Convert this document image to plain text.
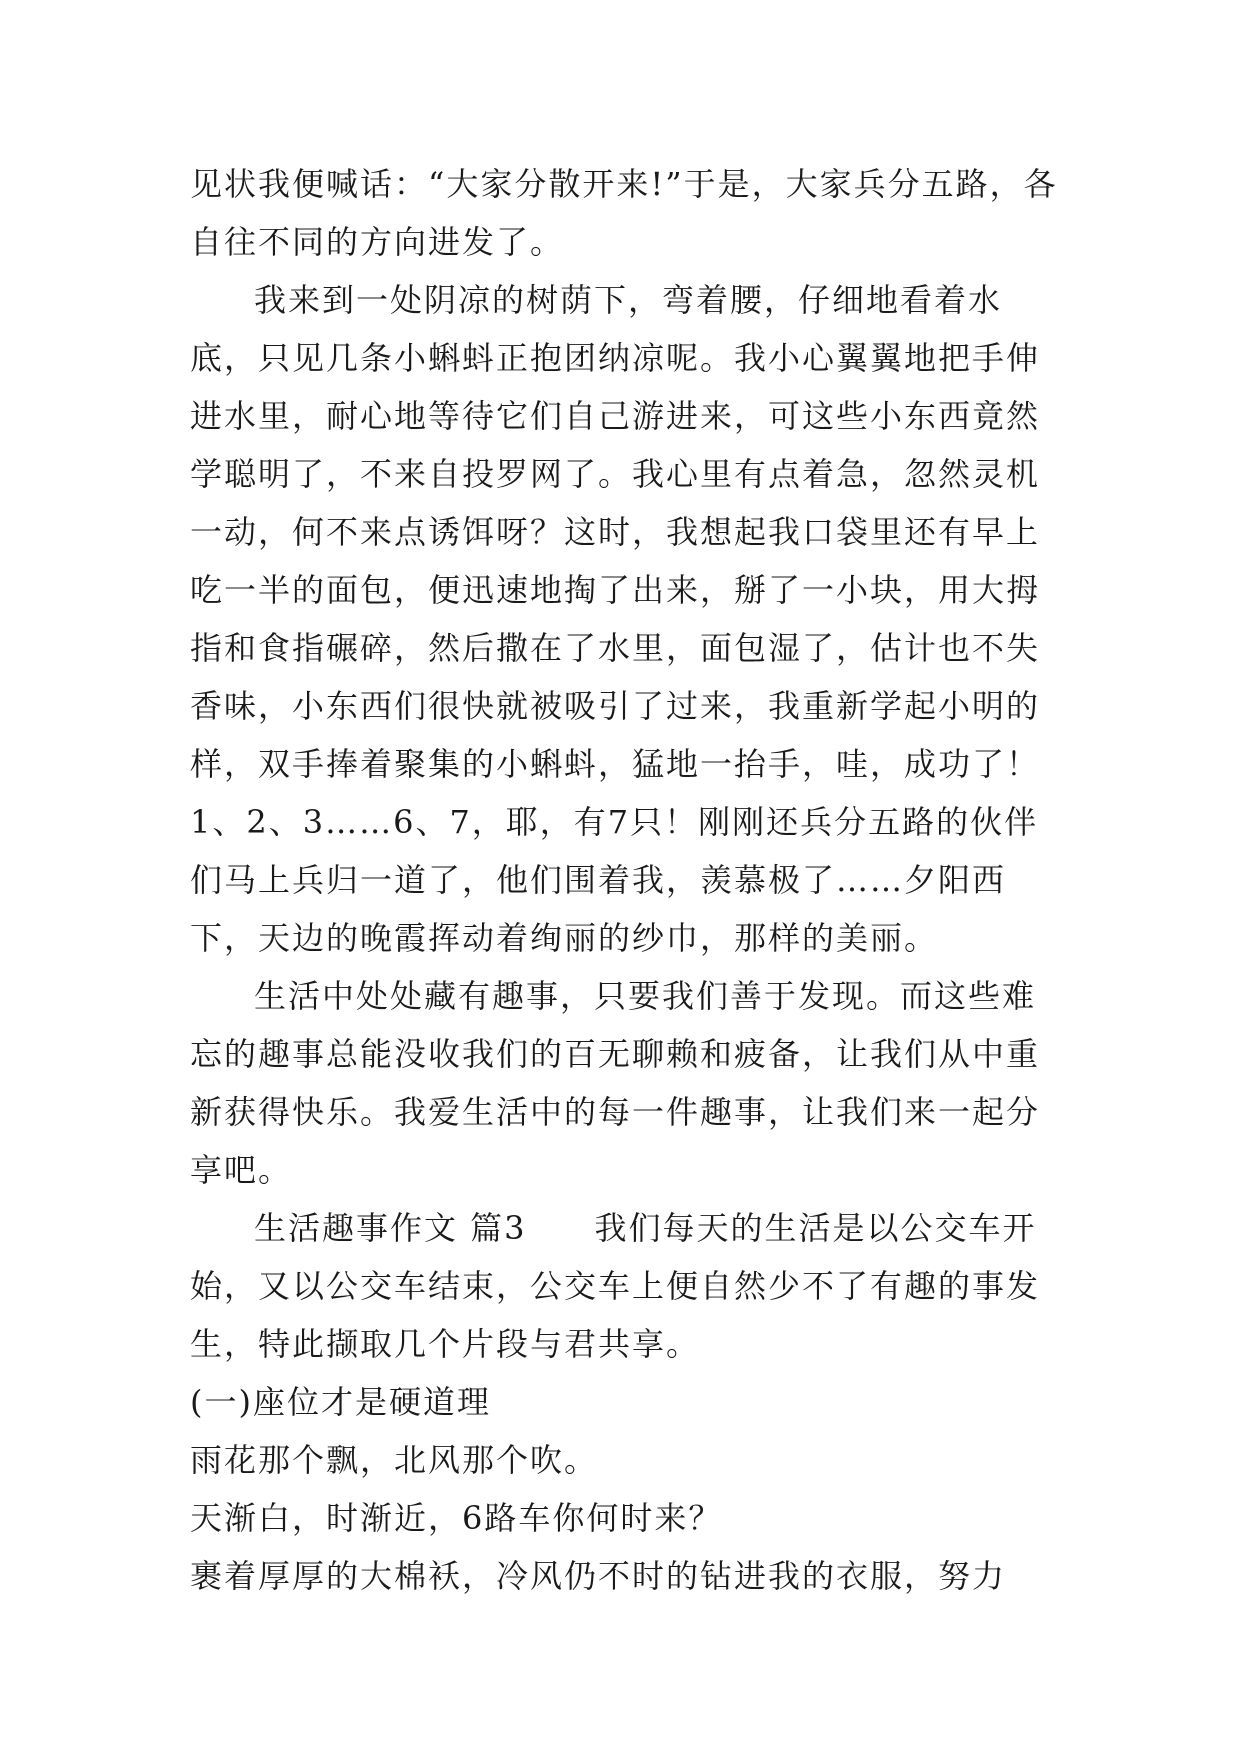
见状我便喊话：“大家分散开来!”于是，大家兵分五路，各自往不同的方向进发了。

我来到一处阴凉的树荫下，弯着腰，仔细地看着水底，只见几条小蝌蚪正抱团纳凉呢。我小心翼翼地把手伸进水里，耐心地等待它们自己游进来，可这些小东西竟然学聪明了，不来自投罗网了。我心里有点着急，忽然灵机一动，何不来点诱饵呀？这时，我想起我口袋里还有早上吃一半的面包，便迅速地掏了出来，掰了一小块，用大拇指和食指碾碎，然后撒在了水里，面包湿了，估计也不失香味，小东西们很快就被吸引了过来，我重新学起小明的样，双手捧着聚集的小蝌蚪，猛地一抬手，哇，成功了！1、2、3……6、7，耶，有7只！刚刚还兵分五路的伙伴们马上兵归一道了，他们围着我，羡慕极了……夕阳西下，天边的晚霞挥动着绚丽的纱巾，那样的美丽。

生活中处处藏有趣事，只要我们善于发现。而这些难忘的趣事总能没收我们的百无聊赖和疲备，让我们从中重新获得快乐。我爱生活中的每一件趣事，让我们来一起分享吧。

生活趣事作文 篇3　　我们每天的生活是以公交车开始，又以公交车结束，公交车上便自然少不了有趣的事发生，特此撷取几个片段与君共享。

(一)座位才是硬道理

雨花那个飘，北风那个吹。

天渐白，时渐近，6路车你何时来？

裹着厚厚的大棉袄，冷风仍不时的钻进我的衣服，努力
